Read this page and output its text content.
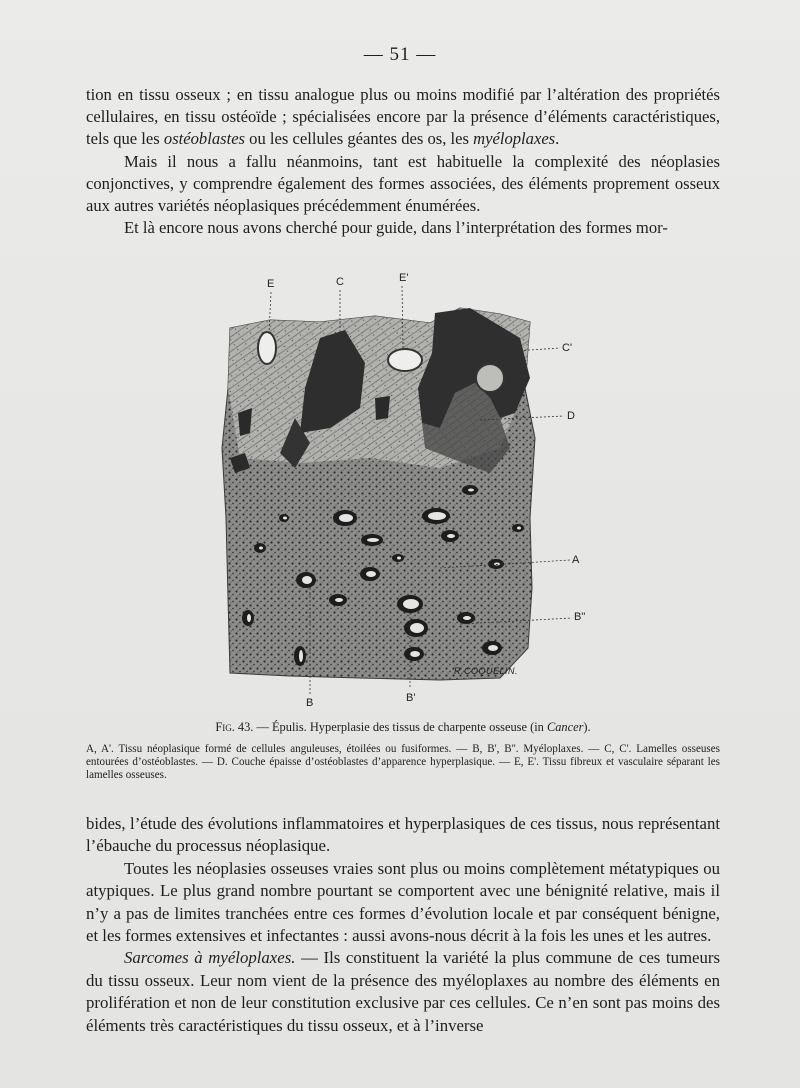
— 51 —

tion en tissu osseux ; en tissu analogue plus ou moins modifié par l’altération des propriétés cellulaires, en tissu ostéoïde ; spécialisées encore par la présence d’éléments caractéristiques, tels que les ostéoblastes ou les cellules géantes des os, les myéloplaxes.

Mais il nous a fallu néanmoins, tant est habituelle la complexité des néoplasies conjonctives, y comprendre également des formes associées, des éléments proprement osseux aux autres variétés néoplasiques précédemment énumérées.

Et là encore nous avons cherché pour guide, dans l’interprétation des formes mor-

E	C	E'
C'
D
A
B"
B	B'
R.COQUELIN.

Fig. 43. — Épulis. Hyperplasie des tissus de charpente osseuse (in Cancer).

A, A'. Tissu néoplasique formé de cellules anguleuses, étoilées ou fusiformes. — B, B', B''. Myéloplaxes. — C, C'. Lamelles osseuses entourées d’ostéoblastes. — D. Couche épaisse d’ostéoblastes d’apparence hyperplasique. — E, E'. Tissu fibreux et vasculaire séparant les lamelles osseuses.

bides, l’étude des évolutions inflammatoires et hyperplasiques de ces tissus, nous représentant l’ébauche du processus néoplasique.

Toutes les néoplasies osseuses vraies sont plus ou moins complètement métatypiques ou atypiques. Le plus grand nombre pourtant se comportent avec une bénignité relative, mais il n’y a pas de limites tranchées entre ces formes d’évolution locale et par conséquent bénigne, et les formes extensives et infectantes : aussi avons-nous décrit à la fois les unes et les autres.

Sarcomes à myéloplaxes. — Ils constituent la variété la plus commune de ces tumeurs du tissu osseux. Leur nom vient de la présence des myéloplaxes au nombre des éléments en prolifération et non de leur constitution exclusive par ces cellules. Ce n’en sont pas moins des éléments très caractéristiques du tissu osseux, et à l’inverse
